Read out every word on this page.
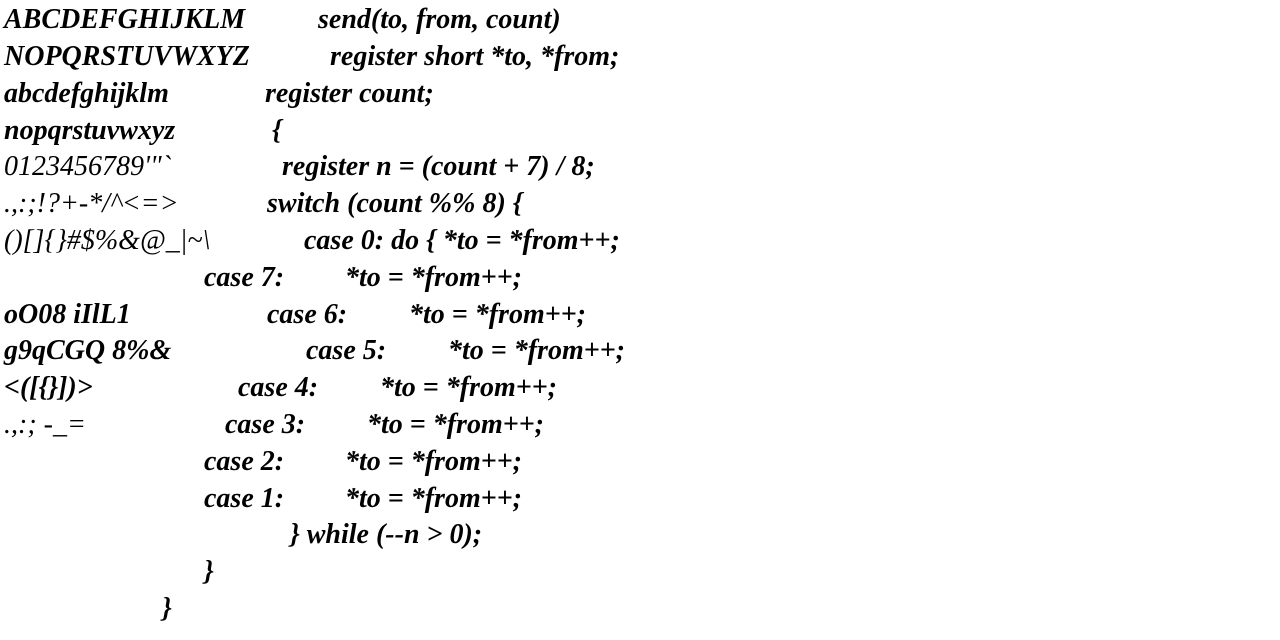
ABCDEFGHIJKLM
NOPQRSTUVWXYZ
abcdefghijklm
nopqrstuvwxyz
0123456789'"`
.,:;!?+-*/^<=>
()[]{}#$%&@_|~\
oO08 iIlL1
g9qCGQ 8%&
<([{}])>
.,:; -_=
send(to, from, count)
register short *to, *from;
register count;
{
register n = (count + 7) / 8;
switch (count %% 8) {
case 0: do { *to = *from++;
case 7: *to = *from++;
case 6: *to = *from++;
case 5: *to = *from++;
case 4: *to = *from++;
case 3: *to = *from++;
case 2: *to = *from++;
case 1: *to = *from++;
} while (--n > 0);
}
}
